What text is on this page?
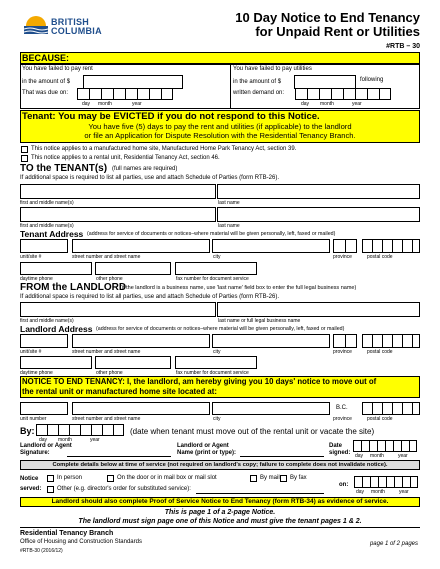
BRITISH
COLUMBIA
10 Day Notice to End Tenancy
for Unpaid Rent or Utilities
#RTB – 30
BECAUSE:
You have failed to pay rent
in the amount of $
That was due on:
day month	year
You have failed to pay utilities
in the amount of $	following
written demand on:
day month	year
Tenant: You may be EVICTED if you do not respond to this Notice.
You have five (5) days to pay the rent and utilities (if applicable) to the landlord
or file an Application for Dispute Resolution with the Residential Tenancy Branch.
This notice applies to a manufactured home site, Manufactured Home Park Tenancy Act, section 39.
This notice applies to a rental unit, Residential Tenancy Act, section 46.
TO the TENANT(s) (full names are required)
If additional space is required to list all parties, use and attach Schedule of Parties (form RTB-26).
first and middle name(s)	last name
first and middle name(s)	last name
Tenant Address (address for service of documents or notices–where material will be given personally, left, faxed or mailed)
unit/site #	street number and street name	city	province	postal code
daytime phone	other phone	fax number for document service
FROM the LANDLORD
(if the landlord is a business name, use 'last name' field box to enter the full legal business name)
If additional space is required to list all parties, use and attach Schedule of Parties (form RTB-26).
first and middle name(s)	last name or full legal business name
Landlord Address (address for service of documents or notices–where material will be given personally, left, faxed or mailed)
unit/site #	street number and street name	city	province	postal code
daytime phone	other phone	fax number for document service
NOTICE TO END TENANCY: I, the landlord, am hereby giving you 10 days' notice to move out of
the rental unit or manufactured home site located at:
B.C.
unit number	street number and street name	city	province	postal code
By:	(date when tenant must move out of the rental unit or vacate the site)
day month	year
Landlord or Agent
Signature:
Landlord or Agent
Name (print or type):
Date
signed: day month	year
Complete details below at time of service (not required on landlord's copy; failure to complete does not invalidate notice).
Notice
served:
In person	On the door or in mail box or mail slot	By mail By fax
Other (e.g. director's order for substituted service):
on:
day month	year
Landlord should also complete Proof of Service Notice to End Tenancy (form RTB-34) as evidence of service.
This is page 1 of a 2-page Notice.
The landlord must sign page one of this Notice and must give the tenant pages 1 & 2.
Residential Tenancy Branch
Office of Housing and Construction Standards
#RTB-30 (2016/12)
page 1 of 2 pages
